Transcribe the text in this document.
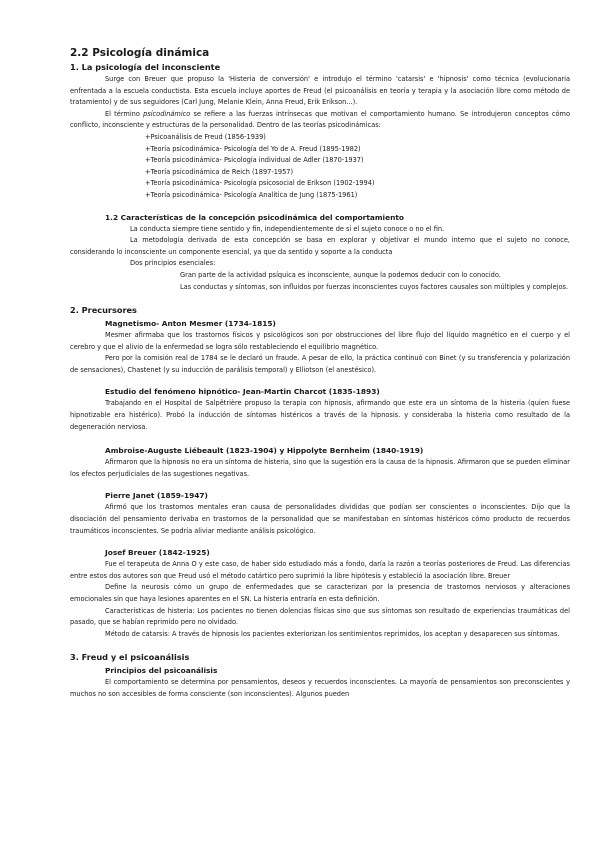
2.2 Psicología dinámica
1. La psicología del inconsciente

Surge con Breuer que propuso la 'Histeria de conversión' e introdujo el término 'catarsis' e 'hipnosis' como técnica (evolucionaria enfrentada a la escuela conductista. Esta escuela incluye aportes de Freud (el psicoanálisis en teoría y terapia y la asociación libre como método de tratamiento) y de sus seguidores (Carl Jung, Melanie Klein, Anna Freud, Erik Erikson...).

El término psicodinámico se refiere a las fuerzas intrínsecas que motivan el comportamiento humano. Se introdujeron conceptos cómo conflicto, inconsciente y estructuras de la personalidad. Dentro de las teorías psicodinámicas:

+Psicoanálisis de Freud (1856-1939)
+Teoría psicodinámica- Psicología del Yo de A. Freud (1895-1982)
+Teoría psicodinámica- Psicología individual de Adler (1870-1937)
+Teoría psicodinámica de Reich (1897-1957)
+Teoría psicodinámica- Psicología psicosocial de Erikson (1902-1994)
+Teoría psicodinámica- Psicología Analítica de Jung (1875-1961)
1.2 Características de la concepción psicodinámica del comportamiento

La conducta siempre tiene sentido y fin, independientemente de si el sujeto conoce o no el fin.

La metodología derivada de esta concepción se basa en explorar y objetivar el mundo interno que el sujeto no conoce, considerando lo inconsciente un componente esencial, ya que da sentido y soporte a la conducta

Dos principios esenciales:

Gran parte de la actividad psíquica es inconsciente, aunque la podemos deducir con lo conocido.

Las conductas y síntomas, son influidos por fuerzas inconscientes cuyos factores causales son múltiples y complejos.

2. Precursores
Magnetismo- Anton Mesmer (1734-1815)

Mesmer afirmaba que los trastornos físicos y psicológicos son por obstrucciones del libre flujo del líquido magnético en el cuerpo y el cerebro y que el alivio de la enfermedad se logra sólo restableciendo el equilibrio magnético.

Pero por la comisión real de 1784 se le declaró un fraude. A pesar de ello, la práctica continuó con Binet (y su transferencia y polarización de sensaciones), Chastenet (y su inducción de parálisis temporal) y Elliotson (el anestésico).

Estudio del fenómeno hipnótico- Jean-Martin Charcot (1835-1893)

Trabajando en el Hospital de Salpêtrière propuso la terapia con hipnosis, afirmando que este era un síntoma de la histeria (quien fuese hipnotizable era histérico). Probó la inducción de síntomas histéricos a través de la hipnosis. y consideraba la histeria como resultado de la degeneración nerviosa.

Ambroise-Auguste Liébeault (1823-1904) y Hippolyte Bernheim (1840-1919)

Afirmaron que la hipnosis no era un síntoma de histeria, sino que la sugestión era la causa de la hipnosis. Afirmaron que se pueden eliminar los efectos perjudiciales de las sugestiones negativas.

Pierre Janet (1859-1947)

Afirmó que los trastornos mentales eran causa de personalidades divididas que podían ser conscientes o inconscientes. Dijo que la disociación del pensamiento derivaba en trastornos de la personalidad que se manifestaban en síntomas histéricos cómo producto de recuerdos traumáticos inconscientes. Se podría aliviar mediante análisis psicológico.

Josef Breuer (1842-1925)

Fue el terapeuta de Anna O y este caso, de haber sido estudiado más a fondo, daría la razón a teorías posteriores de Freud. Las diferencias entre estos dos autores son que Freud usó el método catártico pero suprimió la libre hipótesis y estableció la asociación libre. Breuer

Define la neurosis cómo un grupo de enfermedades que se caracterizan por la presencia de trastornos nerviosos y alteraciones emocionales sin que haya lesiones aparentes en el SN. La histeria entraría en esta definición.

Características de histeria: Los pacientes no tienen dolencias físicas sino que sus síntomas son resultado de experiencias traumáticas del pasado, que se habían reprimido pero no olvidado.

Método de catarsis: A través de hipnosis los pacientes exteriorizan los sentimientos reprimidos, los aceptan y desaparecen sus síntomas.

3. Freud y el psicoanálisis
Principios del psicoanálisis

El comportamiento se determina por pensamientos, deseos y recuerdos inconscientes. La mayoría de pensamientos son preconscientes y muchos no son accesibles de forma consciente (son inconscientes). Algunos pueden
